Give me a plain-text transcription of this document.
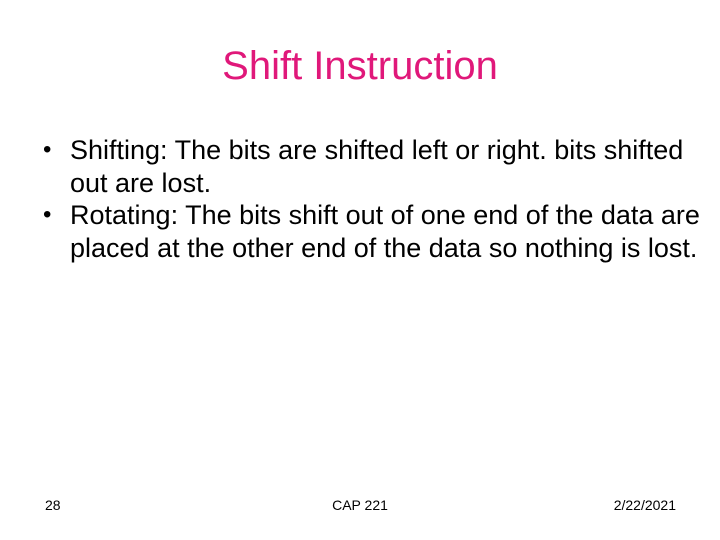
Shift Instruction
• Shifting: The bits are shifted left or right. bits shifted out are lost.
• Rotating: The bits shift out of one end of the data are placed at the other end of the data so nothing is lost.
28	CAP 221	2/22/2021
